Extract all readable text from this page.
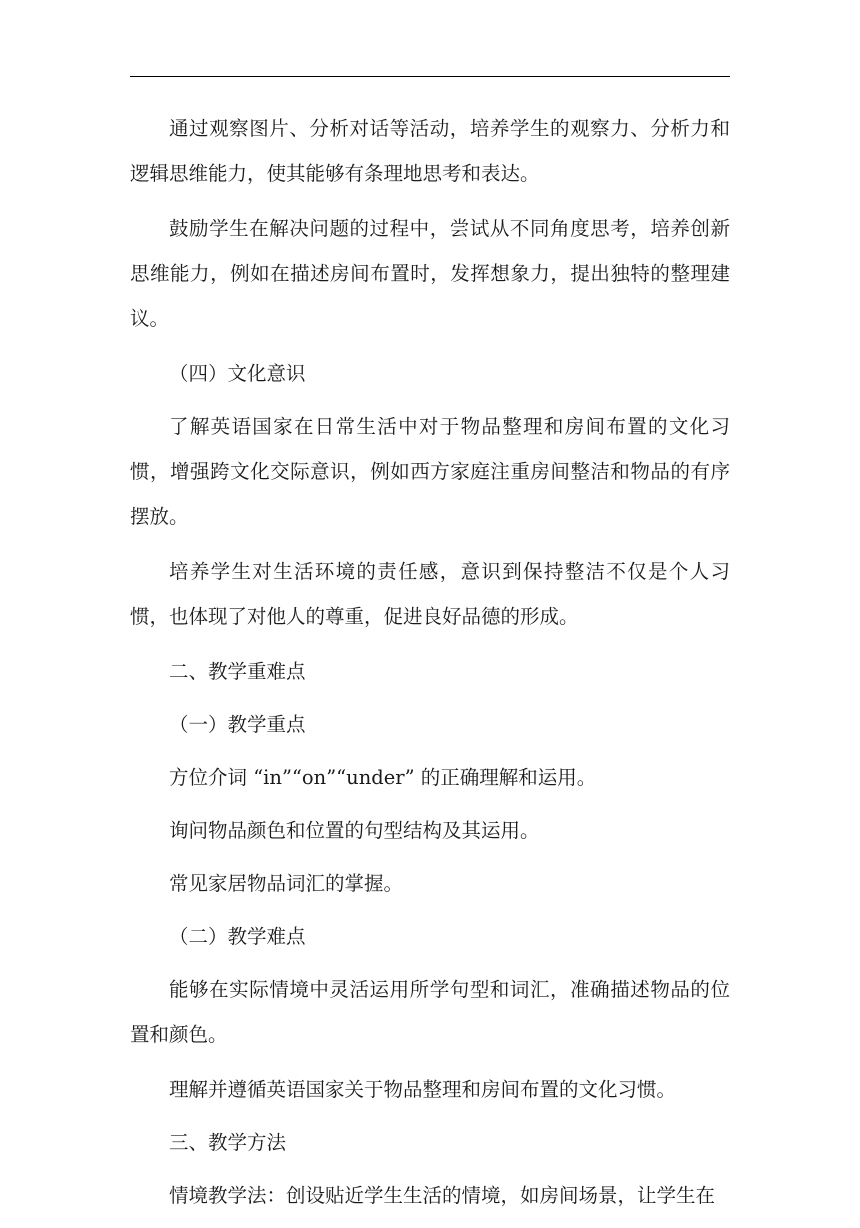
通过观察图片、分析对话等活动，培养学生的观察力、分析力和逻辑思维能力，使其能够有条理地思考和表达。

鼓励学生在解决问题的过程中，尝试从不同角度思考，培养创新思维能力，例如在描述房间布置时，发挥想象力，提出独特的整理建议。

（四）文化意识

了解英语国家在日常生活中对于物品整理和房间布置的文化习惯，增强跨文化交际意识，例如西方家庭注重房间整洁和物品的有序摆放。

培养学生对生活环境的责任感，意识到保持整洁不仅是个人习惯，也体现了对他人的尊重，促进良好品德的形成。

二、教学重难点

（一）教学重点

方位介词 “in”“on”“under” 的正确理解和运用。

询问物品颜色和位置的句型结构及其运用。

常见家居物品词汇的掌握。

（二）教学难点

能够在实际情境中灵活运用所学句型和词汇，准确描述物品的位置和颜色。

理解并遵循英语国家关于物品整理和房间布置的文化习惯。

三、教学方法

情境教学法：创设贴近学生生活的情境，如房间场景，让学生在
